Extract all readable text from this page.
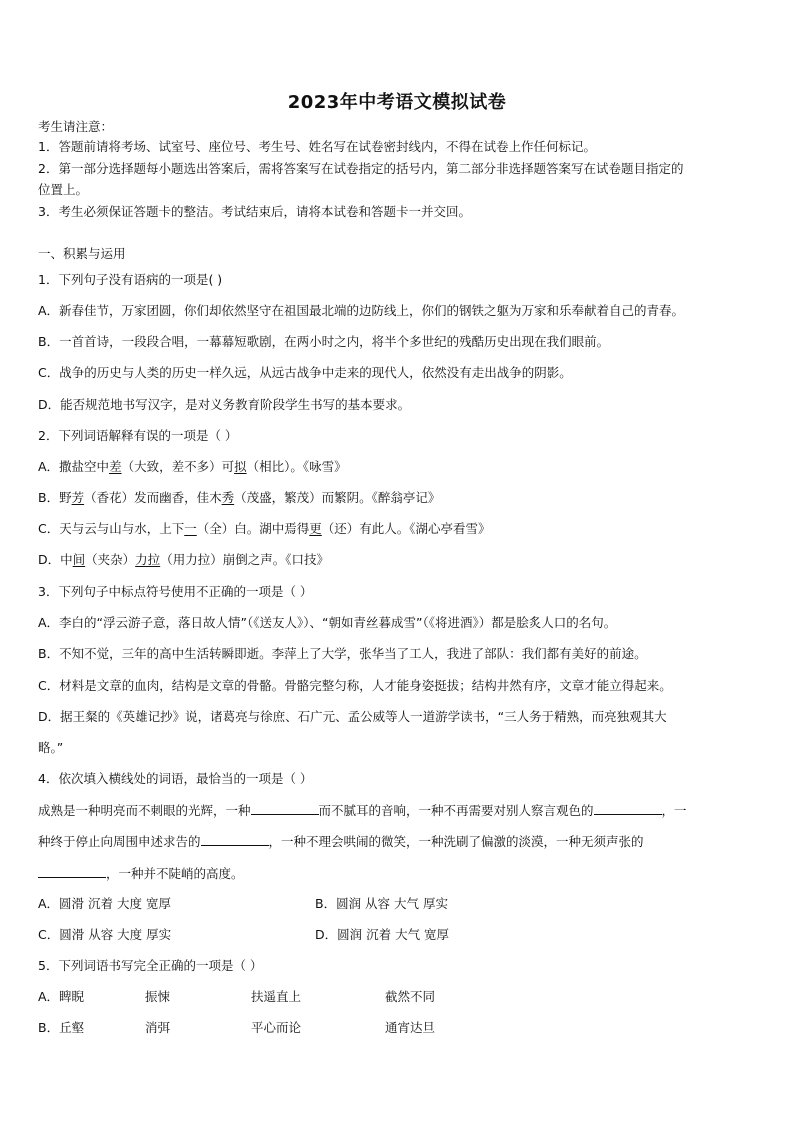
2023年中考语文模拟试卷
考生请注意：
1．答题前请将考场、试室号、座位号、考生号、姓名写在试卷密封线内，不得在试卷上作任何标记。
2．第一部分选择题每小题选出答案后，需将答案写在试卷指定的括号内，第二部分非选择题答案写在试卷题目指定的
位置上。
3．考生必须保证答题卡的整洁。考试结束后，请将本试卷和答题卡一并交回。
一、积累与运用
1．下列句子没有语病的一项是( )
A．新春佳节，万家团圆，你们却依然坚守在祖国最北端的边防线上，你们的钢铁之躯为万家和乐奉献着自己的青春。
B．一首首诗，一段段合唱，一幕幕短歌剧，在两小时之内，将半个多世纪的残酷历史出现在我们眼前。
C．战争的历史与人类的历史一样久远，从远古战争中走来的现代人，依然没有走出战争的阴影。
D．能否规范地书写汉字，是对义务教育阶段学生书写的基本要求。
2．下列词语解释有误的一项是（ ）
A．撒盐空中差（大致，差不多）可拟（相比）。《咏雪》
B．野芳（香花）发而幽香，佳木秀（茂盛，繁茂）而繁阴。《醉翁亭记》
C．天与云与山与水，上下一（全）白。湖中焉得更（还）有此人。《湖心亭看雪》
D．中间（夹杂）力拉（用力拉）崩倒之声。《口技》
3．下列句子中标点符号使用不正确的一项是（ ）
A．李白的“浮云游子意，落日故人情”（《送友人》）、“朝如青丝暮成雪”（《将进酒》）都是脍炙人口的名句。
B．不知不觉，三年的高中生活转瞬即逝。李萍上了大学，张华当了工人，我进了部队：我们都有美好的前途。
C．材料是文章的血肉，结构是文章的骨骼。骨骼完整匀称，人才能身姿挺拔；结构井然有序，文章才能立得起来。
D．据王粲的《英雄记抄》说，诸葛亮与徐庶、石广元、孟公威等人一道游学读书，“三人务于精熟，而亮独观其大
略。”
4．依次填入横线处的词语，最恰当的一项是（ ）
成熟是一种明亮而不刺眼的光辉，一种	而不腻耳的音响，一种不再需要对别人察言观色的	，一
种终于停止向周围申述求告的	，一种不理会哄闹的微笑，一种洗刷了偏激的淡漠，一种无须声张的
，一种并不陡峭的高度。
A．圆滑 沉着 大度 宽厚	B．圆润 从容 大气 厚实
C．圆滑 从容 大度 厚实	D．圆润 沉着 大气 宽厚
5．下列词语书写完全正确的一项是（ ）
A．睥睨	振悚	扶遥直上	截然不同
B．丘壑	消弭	平心而论	通宵达旦
